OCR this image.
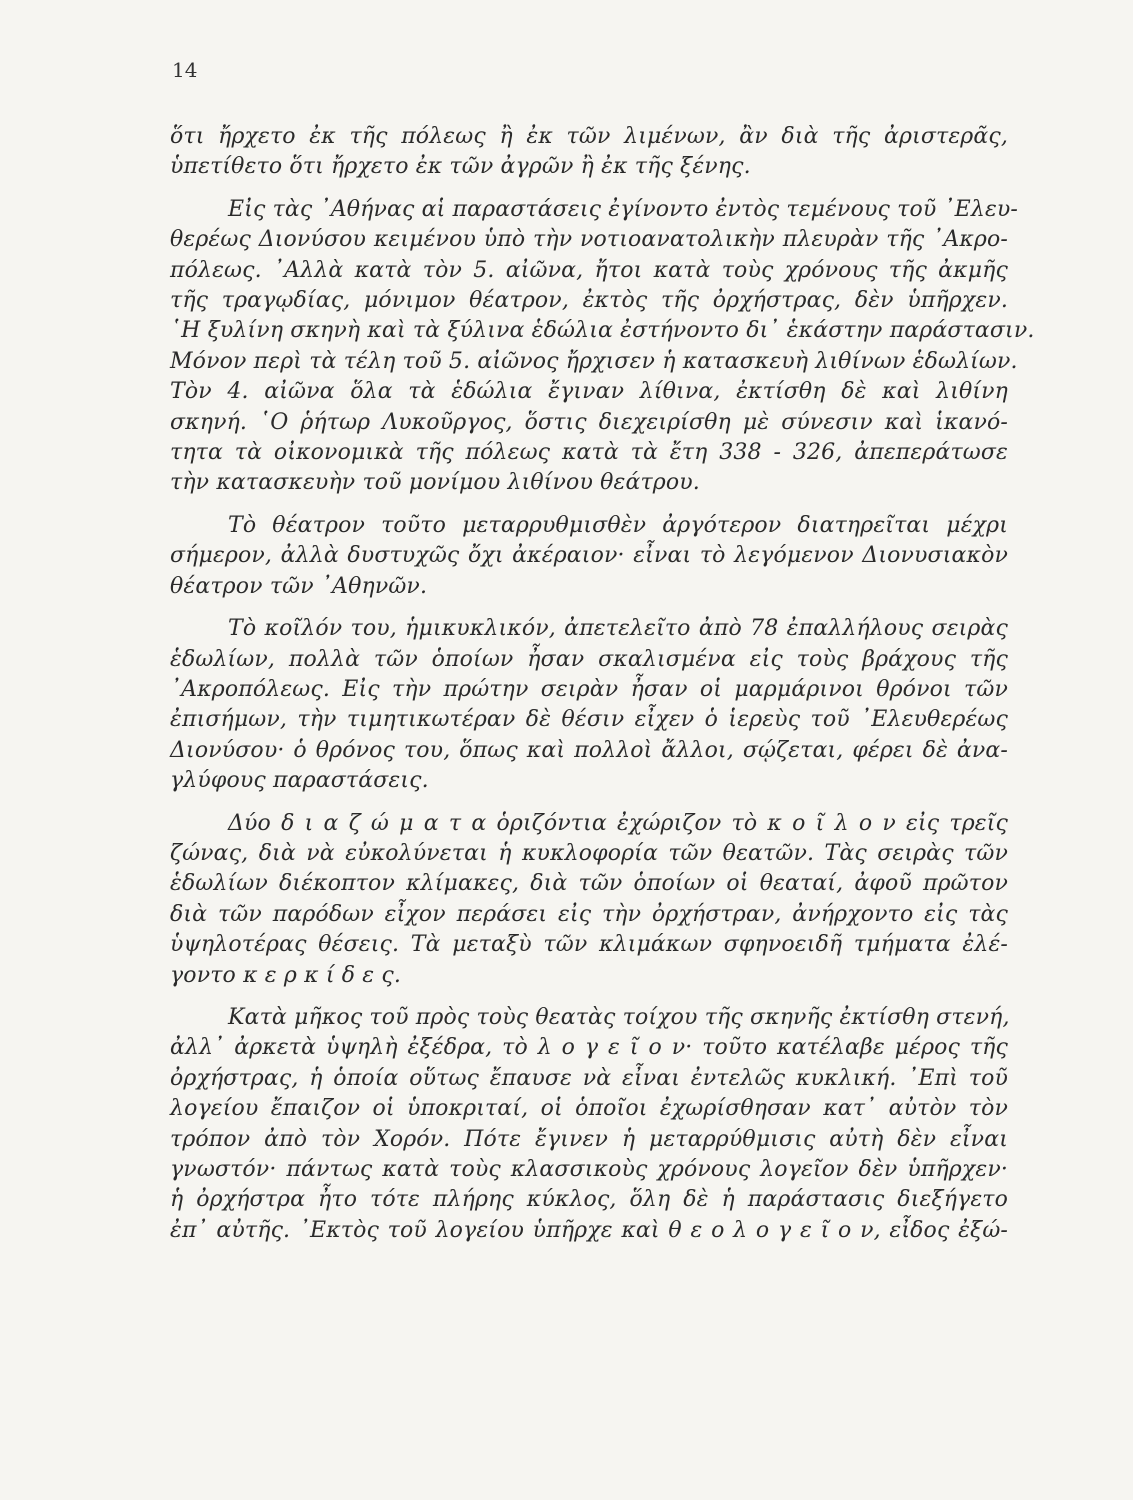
14
ὅτι ἤρχετο ἐκ τῆς πόλεως ἢ ἐκ τῶν λιμένων, ἂν διὰ τῆς ἀριστερᾶς,
ὑπετίθετο ὅτι ἤρχετο ἐκ τῶν ἀγρῶν ἢ ἐκ τῆς ξένης.
Εἰς τὰς ᾿Αθήνας αἱ παραστάσεις ἐγίνοντο ἐντὸς τεμένους τοῦ ᾿Ελευ-
θερέως Διονύσου κειμένου ὑπὸ τὴν νοτιοανατολικὴν πλευρὰν τῆς ᾿Ακρο-
πόλεως. ᾿Αλλὰ κατὰ τὸν 5. αἰῶνα, ἤτοι κατὰ τοὺς χρόνους τῆς ἀκμῆς
τῆς τραγῳδίας, μόνιμον θέατρον, ἐκτὸς τῆς ὀρχήστρας, δὲν ὑπῆρχεν.
῾Η ξυλίνη σκηνὴ καὶ τὰ ξύλινα ἑδώλια ἐστήνοντο δι᾿ ἑκάστην παράστασιν.
Μόνον περὶ τὰ τέλη τοῦ 5. αἰῶνος ἤρχισεν ἡ κατασκευὴ λιθίνων ἑδωλίων.
Τὸν 4. αἰῶνα ὅλα τὰ ἑδώλια ἔγιναν λίθινα, ἐκτίσθη δὲ καὶ λιθίνη
σκηνή. ῾Ο ῥήτωρ Λυκοῦργος, ὅστις διεχειρίσθη μὲ σύνεσιν καὶ ἱκανό-
τητα τὰ οἰκονομικὰ τῆς πόλεως κατὰ τὰ ἔτη 338 - 326, ἀπεπεράτωσε
τὴν κατασκευὴν τοῦ μονίμου λιθίνου θεάτρου.
Τὸ θέατρον τοῦτο μεταρρυθμισθὲν ἀργότερον διατηρεῖται μέχρι
σήμερον, ἀλλὰ δυστυχῶς ὄχι ἀκέραιον· εἶναι τὸ λεγόμενον Διονυσιακὸν
θέατρον τῶν ᾿Αθηνῶν.
Τὸ κοῖλόν του, ἡμικυκλικόν, ἀπετελεῖτο ἀπὸ 78 ἐπαλλήλους σειρὰς
ἑδωλίων, πολλὰ τῶν ὁποίων ἦσαν σκαλισμένα εἰς τοὺς βράχους τῆς
᾿Ακροπόλεως. Εἰς τὴν πρώτην σειρὰν ἦσαν οἱ μαρμάρινοι θρόνοι τῶν
ἐπισήμων, τὴν τιμητικωτέραν δὲ θέσιν εἶχεν ὁ ἱερεὺς τοῦ ᾿Ελευθερέως
Διονύσου· ὁ θρόνος του, ὅπως καὶ πολλοὶ ἄλλοι, σῴζεται, φέρει δὲ ἀνα-
γλύφους παραστάσεις.
Δύο δ ι α ζ ώ μ α τ α ὁριζόντια ἐχώριζον τὸ κ ο ῖ λ ο ν εἰς τρεῖς
ζώνας, διὰ νὰ εὐκολύνεται ἡ κυκλοφορία τῶν θεατῶν. Τὰς σειρὰς τῶν
ἑδωλίων διέκοπτον κλίμακες, διὰ τῶν ὁποίων οἱ θεαταί, ἀφοῦ πρῶτον
διὰ τῶν παρόδων εἶχον περάσει εἰς τὴν ὀρχήστραν, ἀνήρχοντο εἰς τὰς
ὑψηλοτέρας θέσεις. Τὰ μεταξὺ τῶν κλιμάκων σφηνοειδῆ τμήματα ἐλέ-
γοντο κ ε ρ κ ί δ ε ς.
Κατὰ μῆκος τοῦ πρὸς τοὺς θεατὰς τοίχου τῆς σκηνῆς ἐκτίσθη στενή,
ἀλλ᾿ ἀρκετὰ ὑψηλὴ ἐξέδρα, τὸ λ ο γ ε ῖ ο ν· τοῦτο κατέλαβε μέρος τῆς
ὀρχήστρας, ἡ ὁποία οὕτως ἔπαυσε νὰ εἶναι ἐντελῶς κυκλική. ᾿Επὶ τοῦ
λογείου ἔπαιζον οἱ ὑποκριταί, οἱ ὁποῖοι ἐχωρίσθησαν κατ᾿ αὐτὸν τὸν
τρόπον ἀπὸ τὸν Χορόν. Πότε ἔγινεν ἡ μεταρρύθμισις αὐτὴ δὲν εἶναι
γνωστόν· πάντως κατὰ τοὺς κλασσικοὺς χρόνους λογεῖον δὲν ὑπῆρχεν·
ἡ ὀρχήστρα ἦτο τότε πλήρης κύκλος, ὅλη δὲ ἡ παράστασις διεξήγετο
ἐπ᾿ αὐτῆς. ᾿Εκτὸς τοῦ λογείου ὑπῆρχε καὶ θ ε ο λ ο γ ε ῖ ο ν, εἶδος ἐξώ-
